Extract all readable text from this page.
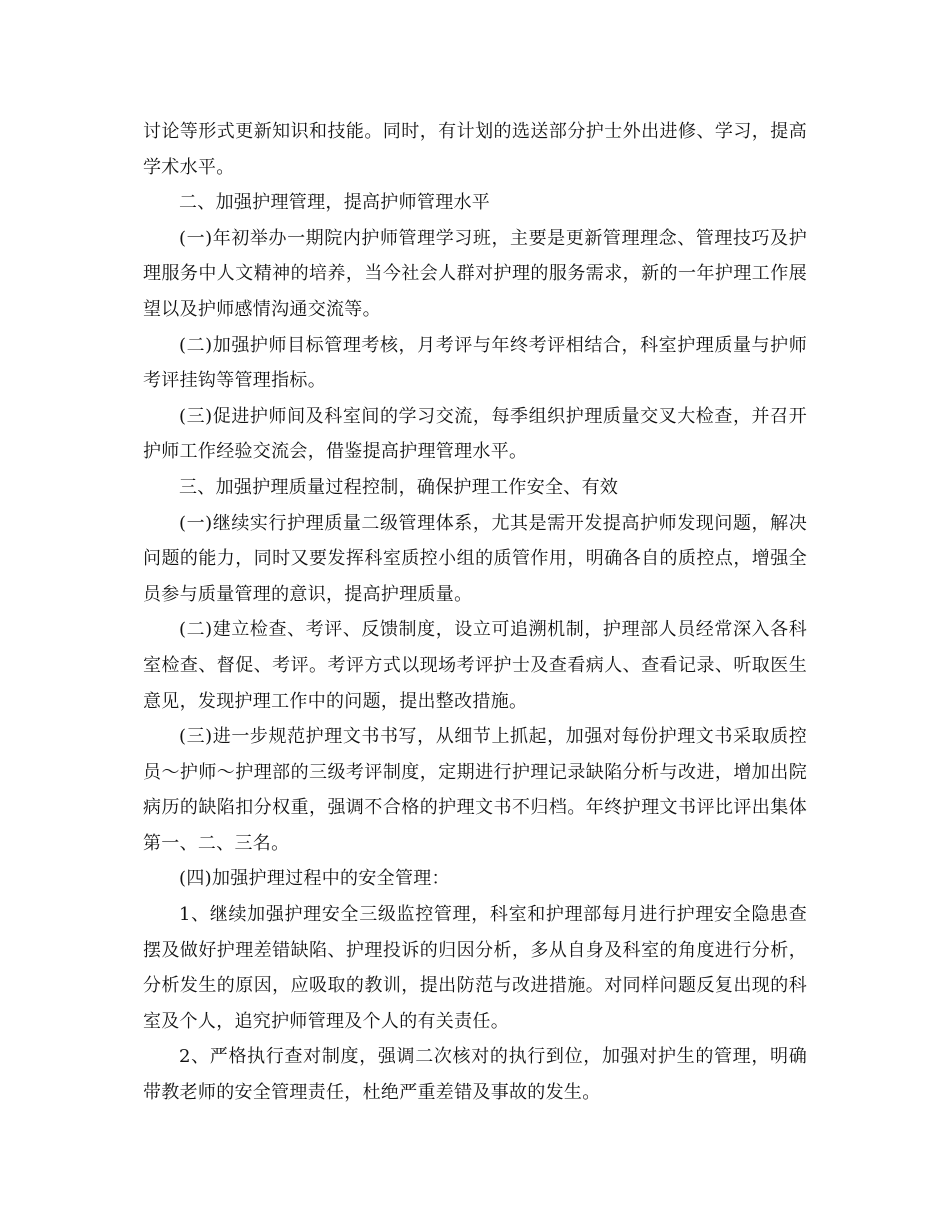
讨论等形式更新知识和技能。同时，有计划的选送部分护士外出进修、学习，提高学术水平。

二、加强护理管理，提高护师管理水平

(一)年初举办一期院内护师管理学习班，主要是更新管理理念、管理技巧及护理服务中人文精神的培养，当今社会人群对护理的服务需求，新的一年护理工作展望以及护师感情沟通交流等。

(二)加强护师目标管理考核，月考评与年终考评相结合，科室护理质量与护师考评挂钩等管理指标。

(三)促进护师间及科室间的学习交流，每季组织护理质量交叉大检查，并召开护师工作经验交流会，借鉴提高护理管理水平。

三、加强护理质量过程控制，确保护理工作安全、有效

(一)继续实行护理质量二级管理体系，尤其是需开发提高护师发现问题，解决问题的能力，同时又要发挥科室质控小组的质管作用，明确各自的质控点，增强全员参与质量管理的意识，提高护理质量。

(二)建立检查、考评、反馈制度，设立可追溯机制，护理部人员经常深入各科室检查、督促、考评。考评方式以现场考评护士及查看病人、查看记录、听取医生意见，发现护理工作中的问题，提出整改措施。

(三)进一步规范护理文书书写，从细节上抓起，加强对每份护理文书采取质控员～护师～护理部的三级考评制度，定期进行护理记录缺陷分析与改进，增加出院病历的缺陷扣分权重，强调不合格的护理文书不归档。年终护理文书评比评出集体第一、二、三名。

(四)加强护理过程中的安全管理：

1、继续加强护理安全三级监控管理，科室和护理部每月进行护理安全隐患查摆及做好护理差错缺陷、护理投诉的归因分析，多从自身及科室的角度进行分析，分析发生的原因，应吸取的教训，提出防范与改进措施。对同样问题反复出现的科室及个人，追究护师管理及个人的有关责任。

2、严格执行查对制度，强调二次核对的执行到位，加强对护生的管理，明确带教老师的安全管理责任，杜绝严重差错及事故的发生。
